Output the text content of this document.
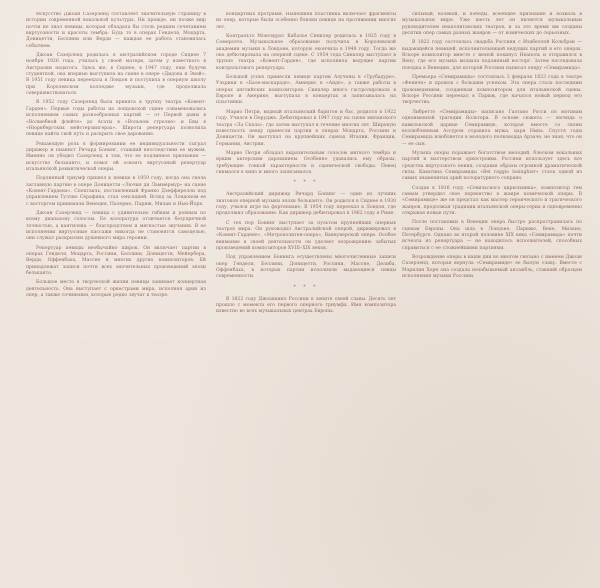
Искусство Джоан Сазерленд составляет значительную страницу в истории современной вокальной культуры. Ни прежде, ни позже мир почти не знал певицы, которая обладала бы столь редким сочетанием виртуозности и красоты тембра. Будь то в операх Генделя, Моцарта, Доницетти, Беллини или Верди — каждая ее работа становилась событием.

Джоан Сазерленд родилась в австралийском городе Сиднее 7 ноября 1926 года, училась у своей матери, затем у известного в Австралии педагога. Здесь же, в Сиднее, в 1947 году, еще будучи студенткой, она впервые выступила на сцене в опере «Дидона и Эней». В 1951 году певица переехала в Лондон и поступила в оперную школу при Королевском колледже музыки, где продолжала совершенствоваться.

В 1952 году Сазерленд была принята в труппу театра «Ковент-Гарден». Первые годы работы на лондонской сцене ознаменовались исполнением самых разнообразных партий — от Первой дамы в «Волшебной флейте» до Агаты в «Вольном стрелке» и Евы в «Нюрнбергских мейстерзингерах». Широта репертуара позволила певице найти свой путь и раскрыть свое дарование.

Решающую роль в формировании ее индивидуальности сыграл дирижер и пианист Ричард Бонинг, ставший впоследствии ее мужем. Именно он убедил Сазерленд в том, что ее подлинное призвание — искусство бельканто, и помог ей освоить виртуозный репертуар итальянской романтической оперы.

Подлинный триумф пришел к певице в 1959 году, когда она спела заглавную партию в опере Доницетти «Лючия ди Ламмермур» на сцене «Ковент-Гардена». Спектакль, поставленный Франко Дзеффирелли под управлением Туллио Серафина, стал сенсацией. Вслед за Лондоном ее с восторгом принимали Венеция, Палермо, Париж, Милан и Нью-Йорк.

Джоан Сазерленд — певица с удивительно гибким и ровным по всему диапазону голосом. Ее колоратура отличается безупречной точностью, а кантилена — благородством и мягкостью звучания. В ее исполнении виртуозные пассажи никогда не становятся самоцелью, они служат раскрытию душевного мира героини.

Репертуар певицы необычайно широк. Он включает партии в операх Генделя, Моцарта, Россини, Беллини, Доницетти, Мейербера, Верди, Оффенбаха, Массне и многих других композиторов. Ей принадлежат записи почти всех значительных произведений эпохи бельканто.

Большое место в творческой жизни певицы занимает концертная деятельность. Она выступает с оркестрами мира, исполняя арии из опер, а также сочинения, которые редко звучат в театре.

концертных программ. Нынешняя пластинка включает фрагменты из опер, которые были особенно близки певице на протяжении многих лет.

Контральто Монсеррат Кабалье Синклер родилась в 1925 году в Сомерсете. Музыкальное образование получила в Королевской академии музыки в Лондоне, которую окончила в 1948 году. Тогда же она дебютировала на оперной сцене. С 1954 года Синклер выступает в труппе театра «Ковент-Гарден», где исполнила ведущие партии контральтового репертуара.

Большой успех принесли певице партии Азучены в «Трубадуре», Ульрики в «Бале-маскараде», Амнерис в «Аиде», а также работы в операх английских композиторов. Синклер много гастролировала в Европе и Америке, выступала в концертах и записывалась на пластинки.

Марио Петри, видный итальянский баритон и бас, родился в 1922 году. Учился в Перудже. Дебютировал в 1947 году на сцене миланского театра «Ла Скала», где затем выступал в течение многих лет. Широкую известность певцу принесли партии в операх Моцарта, Россини и Доницетти. Он выступал на крупнейших сценах Италии, Франции, Германии, Австрии.

Марио Петри обладал выразительным голосом мягкого тембра и ярким актерским дарованием. Особенно удавались ему образы, требующие тонкой характерности и сценической свободы. Певец снимался в кино и много записывался.

* * *

Австралийский дирижер Ричард Бонинг — один из лучших знатоков оперной музыки эпохи бельканто. Он родился в Сиднее в 1930 году, учился игре на фортепиано. В 1954 году переехал в Лондон, где продолжил образование. Как дирижер дебютировал в 1962 году в Риме.

С тех пор Бонинг выступает за пультом крупнейших оперных театров мира. Он руководил Австралийской оперой, дирижировал в «Ковент-Гардене», «Метрополитен-опера», Ванкуверской опере. Особое внимание в своей деятельности он уделяет возрождению забытых произведений композиторов XVIII–XIX веков.

Под управлением Бонинга осуществлены многочисленные записи опер Генделя, Беллини, Доницетти, Россини, Массне, Делиба, Оффенбаха, в которых партии исполняли выдающиеся певцы современности.

* * *

В 1822 году Джоаккино Россини в зените своей славы. Десять лет прошло с момента его первого оперного триумфа. Имя композитора известно во всех музыкальных центрах Европы.

сильный, волевой, и победы, всеобщее признание и похвала в музыкальном мире. Уже шесть лет он является музыкальным руководителем неаполитанских театров, и за это время им созданы десятки опер самых разных жанров — от комических до серьезных.

В 1822 году состоялась свадьба Россини с Изабеллой Кольбран — выдающейся певицей, исполнительницей ведущих партий в его операх. Вскоре композитор вместе с женой покинул Неаполь и отправился в Вену, где его музыка вызвала подлинный восторг. Затем последовала поездка в Венецию, для которой Россини написал оперу «Семирамида».

Премьера «Семирамиды» состоялась 3 февраля 1823 года в театре «Фениче» и прошла с большим успехом. Эта опера стала последним произведением, созданным композитором для итальянской сцены. Вскоре Россини переехал в Париж, где начался новый период его творчества.

Либретто «Семирамиды» написано Гаэтано Росси по мотивам одноименной трагедии Вольтера. В основе сюжета — легенда о вавилонской царице Семирамиде, которая вместе со своим возлюбленным Ассуром отравила мужа, царя Нина. Спустя годы Семирамида влюбляется в молодого полководца Арзаче, не зная, что он — ее сын.

Музыка оперы поражает богатством мелодий, блеском вокальных партий и мастерством оркестровки. Россини использует здесь все средства виртуозного пения, создавая образы огромной драматической силы. Каватина Семирамиды «Bel raggio lusinghier» стала одной из самых знаменитых арий колоратурного сопрано.

Создав в 1816 году «Севильского цирюльника», композитор тем самым утвердил свое первенство в жанре комической оперы. В «Семирамиде» же он предстал как мастер героического и трагического жанров, продолжая традиции итальянской оперы-сериа и одновременно открывая новые пути.

После постановки в Венеции опера быстро распространилась по сценам Европы. Она шла в Лондоне, Париже, Вене, Милане, Петербурге. Однако во второй половине XIX века «Семирамида» почти исчезла из репертуара — не находилось исполнителей, способных справиться с ее сложнейшими партиями.

Возрождение оперы в наши дни во многом связано с именем Джоан Сазерленд, которая вернула «Семирамиде» ее былую славу. Вместе с Мэрилин Хорн она создала незабываемый ансамбль, ставший образцом исполнения музыки Россини.
